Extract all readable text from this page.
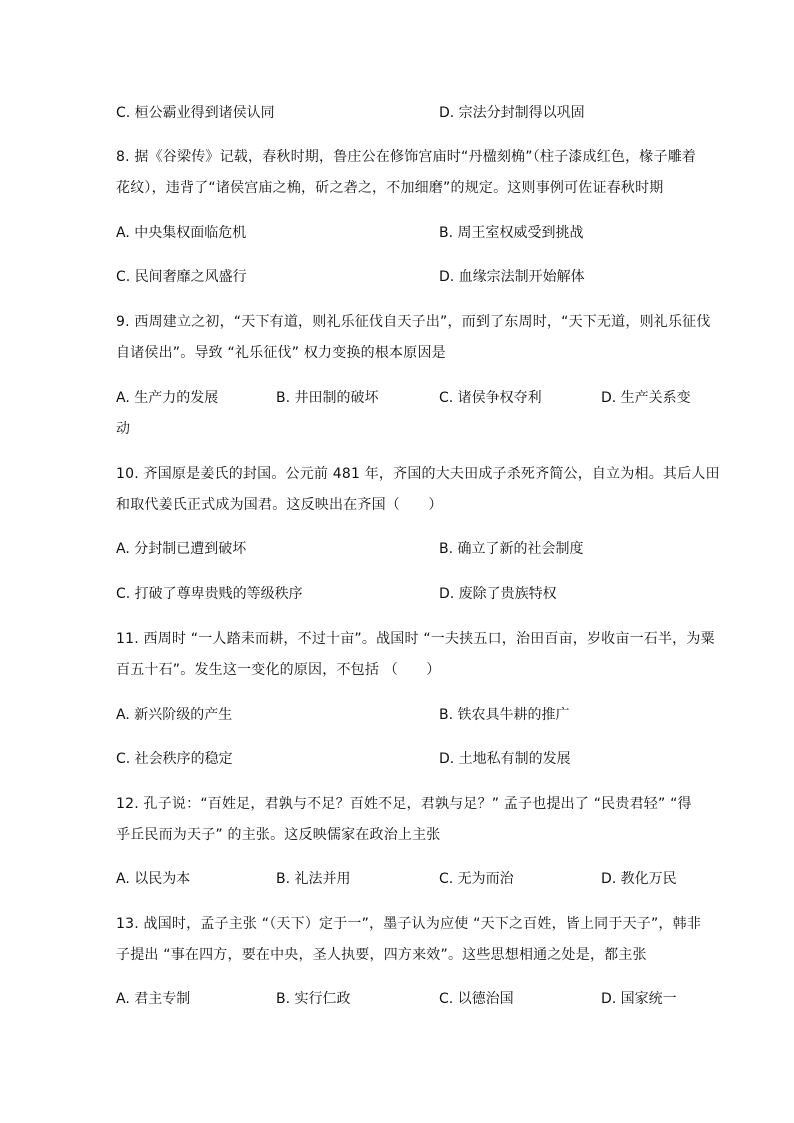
C. 桓公霸业得到诸侯认同	D. 宗法分封制得以巩固
8. 据《谷梁传》记载，春秋时期，鲁庄公在修饰宫庙时“丹楹刻桷”（柱子漆成红色，椽子雕着
花纹），违背了“诸侯宫庙之桷，斫之砻之，不加细磨”的规定。这则事例可佐证春秋时期
A. 中央集权面临危机	B. 周王室权威受到挑战
C. 民间奢靡之风盛行	D. 血缘宗法制开始解体
9. 西周建立之初，“天下有道，则礼乐征伐自天子出”，而到了东周时，“天下无道，则礼乐征伐
自诸侯出”。导致 “礼乐征伐” 权力变换的根本原因是
A. 生产力的发展	B. 井田制的破坏	C. 诸侯争权夺利	D. 生产关系变
动
10. 齐国原是姜氏的封国。公元前 481 年，齐国的大夫田成子杀死齐简公，自立为相。其后人田
和取代姜氏正式成为国君。这反映出在齐国（　　）
A. 分封制已遭到破坏	B. 确立了新的社会制度
C. 打破了尊卑贵贱的等级秩序	D. 废除了贵族特权
11. 西周时 “一人踏耒而耕，不过十亩”。战国时 “一夫挟五口，治田百亩，岁收亩一石半，为粟
百五十石”。发生这一变化的原因，不包括 （　　）
A. 新兴阶级的产生	B. 铁农具牛耕的推广
C. 社会秩序的稳定	D. 土地私有制的发展
12. 孔子说：“百姓足，君孰与不足？百姓不足，君孰与足？” 孟子也提出了 “民贵君轻” “得
乎丘民而为天子” 的主张。这反映儒家在政治上主张
A. 以民为本	B. 礼法并用	C. 无为而治	D. 教化万民
13. 战国时，孟子主张 “（天下）定于一”，墨子认为应使 “天下之百姓，皆上同于天子”，韩非
子提出 “事在四方，要在中央，圣人执要，四方来效”。这些思想相通之处是，都主张
A. 君主专制	B. 实行仁政	C. 以德治国	D. 国家统一
